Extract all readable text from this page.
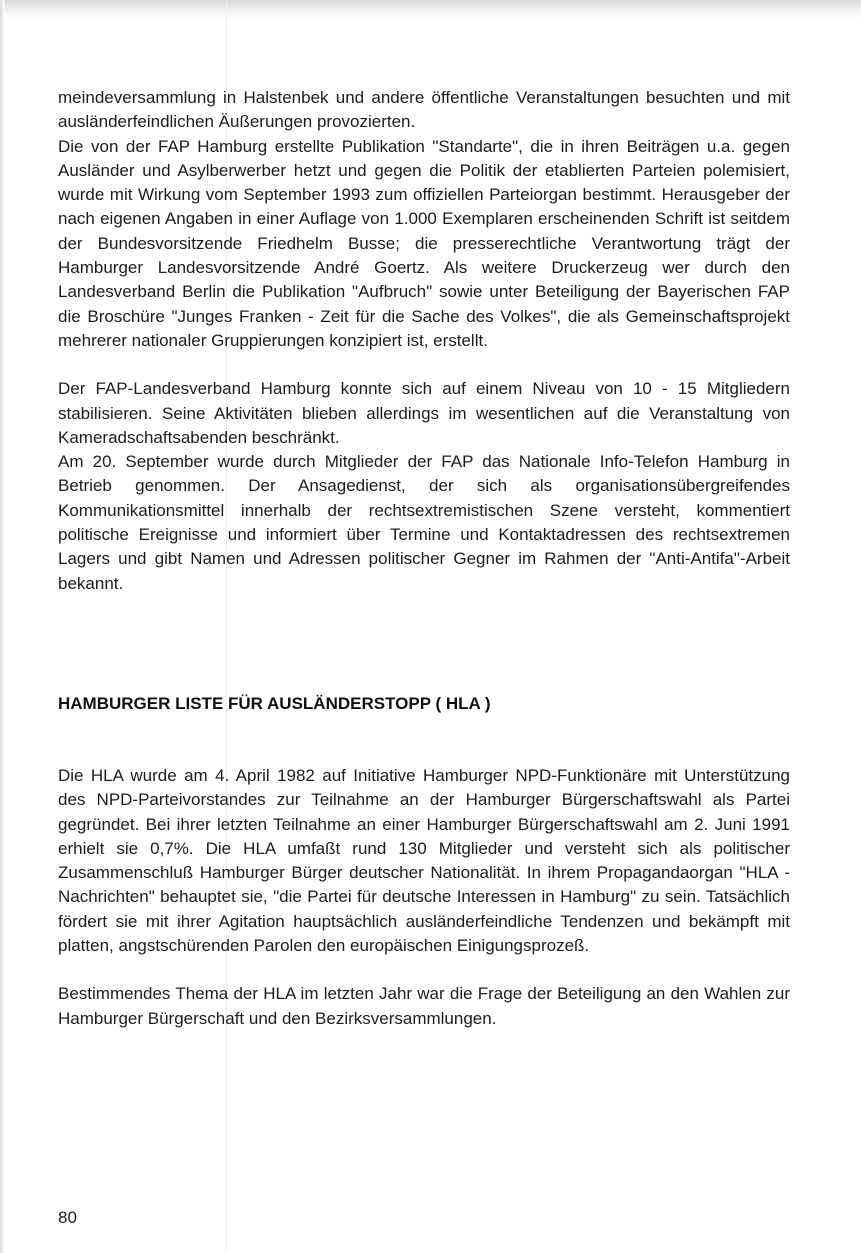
meindeversammlung in Halstenbek und andere öffentliche Veranstaltungen besuchten und mit ausländerfeindlichen Äußerungen provozierten.

Die von der FAP Hamburg erstellte Publikation "Standarte", die in ihren Beiträgen u.a. gegen Ausländer und Asylberwerber hetzt und gegen die Politik der etablierten Parteien polemisiert, wurde mit Wirkung vom September 1993 zum offiziellen Parteiorgan bestimmt. Herausgeber der nach eigenen Angaben in einer Auflage von 1.000 Exemplaren erscheinenden Schrift ist seitdem der Bundesvorsitzende Friedhelm Busse; die presserechtliche Verantwortung trägt der Hamburger Landesvorsitzende André Goertz. Als weitere Druckerzeug wer durch den Landesverband Berlin die Publikation "Aufbruch" sowie unter Beteiligung der Bayerischen FAP die Broschüre "Junges Franken - Zeit für die Sache des Volkes", die als Gemeinschaftsprojekt mehrerer nationaler Gruppierungen konzipiert ist, erstellt.

Der FAP-Landesverband Hamburg konnte sich auf einem Niveau von 10 - 15 Mitgliedern stabilisieren. Seine Aktivitäten blieben allerdings im wesentlichen auf die Veranstaltung von Kameradschaftsabenden beschränkt.

Am 20. September wurde durch Mitglieder der FAP das Nationale Info-Telefon Hamburg in Betrieb genommen. Der Ansagedienst, der sich als organisationsübergreifendes Kommunikationsmittel innerhalb der rechtsextremistischen Szene versteht, kommentiert politische Ereignisse und informiert über Termine und Kontaktadressen des rechtsextremen Lagers und gibt Namen und Adressen politischer Gegner im Rahmen der "Anti-Antifa"-Arbeit bekannt.

HAMBURGER LISTE FÜR AUSLÄNDERSTOPP ( HLA )

Die HLA wurde am 4. April 1982 auf Initiative Hamburger NPD-Funktionäre mit Unterstützung des NPD-Parteivorstandes zur Teilnahme an der Hamburger Bürgerschaftswahl als Partei gegründet. Bei ihrer letzten Teilnahme an einer Hamburger Bürgerschaftswahl am 2. Juni 1991 erhielt sie 0,7%. Die HLA umfaßt rund 130 Mitglieder und versteht sich als politischer Zusammenschluß Hamburger Bürger deutscher Nationalität. In ihrem Propagandaorgan "HLA - Nachrichten" behauptet sie, "die Partei für deutsche Interessen in Hamburg" zu sein. Tatsächlich fördert sie mit ihrer Agitation hauptsächlich ausländerfeindliche Tendenzen und bekämpft mit platten, angstschürenden Parolen den europäischen Einigungsprozeß.

Bestimmendes Thema der HLA im letzten Jahr war die Frage der Beteiligung an den Wahlen zur Hamburger Bürgerschaft und den Bezirksversammlungen.

80
